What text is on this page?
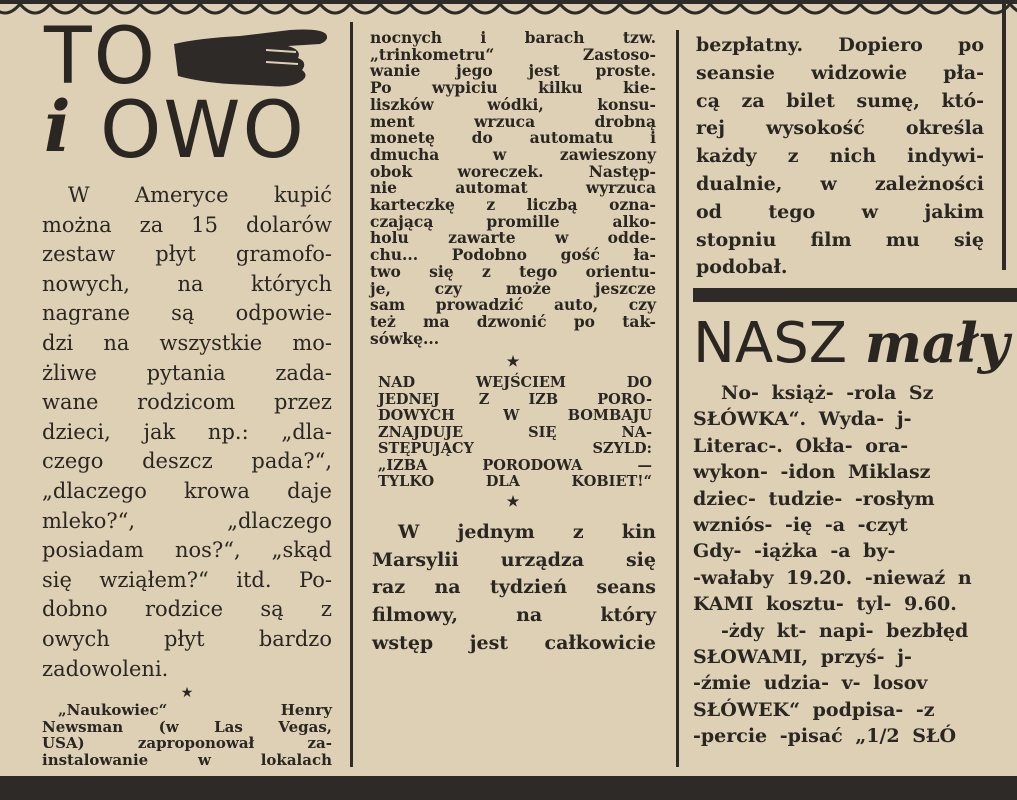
TO
i OWO
W Ameryce kupić
można za 15 dolarów
zestaw płyt gramofo-
nowych, na których
nagrane są odpowie-
dzi na wszystkie mo-
żliwe pytania zada-
wane rodzicom przez
dzieci, jak np.: „dla-
czego deszcz pada?“,
„dlaczego krowa daje
mleko?“, „dlaczego
posiadam nos?“, „skąd
się wziąłem?“ itd. Po-
dobno rodzice są z
owych płyt bardzo
zadowoleni.
★
„Naukowiec“ Henry
Newsman (w Las Vegas,
USA) zaproponował za-
instalowanie w lokalach
nocnych i barach tzw.
„trinkometru“ Zastoso-
wanie jego jest proste.
Po wypiciu kilku kie-
liszków wódki, konsu-
ment wrzuca drobną
monetę do automatu i
dmucha w zawieszony
obok woreczek. Następ-
nie automat wyrzuca
karteczkę z liczbą ozna-
czającą promille alko-
holu zawarte w odde-
chu... Podobno gość ła-
two się z tego orientu-
je, czy może jeszcze
sam prowadzić auto, czy
też ma dzwonić po tak-
sówkę...
★
NAD WEJŚCIEM DO
JEDNEJ Z IZB PORO-
DOWYCH W BOMBAJU
ZNAJDUJE SIĘ NA-
STĘPUJĄCY SZYLD:
„IZBA PORODOWA —
TYLKO DLA KOBIET!“
★
W jednym z kin
Marsylii urządza się
raz na tydzień seans
filmowy, na który
wstęp jest całkowicie
bezpłatny. Dopiero po
seansie widzowie pła-
cą za bilet sumę, któ-
rej wysokość określa
każdy z nich indywi-
dualnie, w zależności
od tego w jakim
stopniu film mu się
podobał.
NASZ mały
No- książ- -rola Sz
SŁÓWKA“. Wyda- j-
Literac-. Okła- ora-
wykon- -idon Miklasz
dziec- tudzie- -rosłym
wzniós- -ię -a -czyt
Gdy- -iążka -a by-
-wałaby 19.20. -niewaź n
KAMI kosztu- tyl- 9.60.
-żdy kt- napi- bezbłęd
SŁOWAMI, przyś- j-
-źmie udzia- v- losov
SŁÓWEK“ podpisa- -z
-percie -pisać „1/2 SŁÓ
